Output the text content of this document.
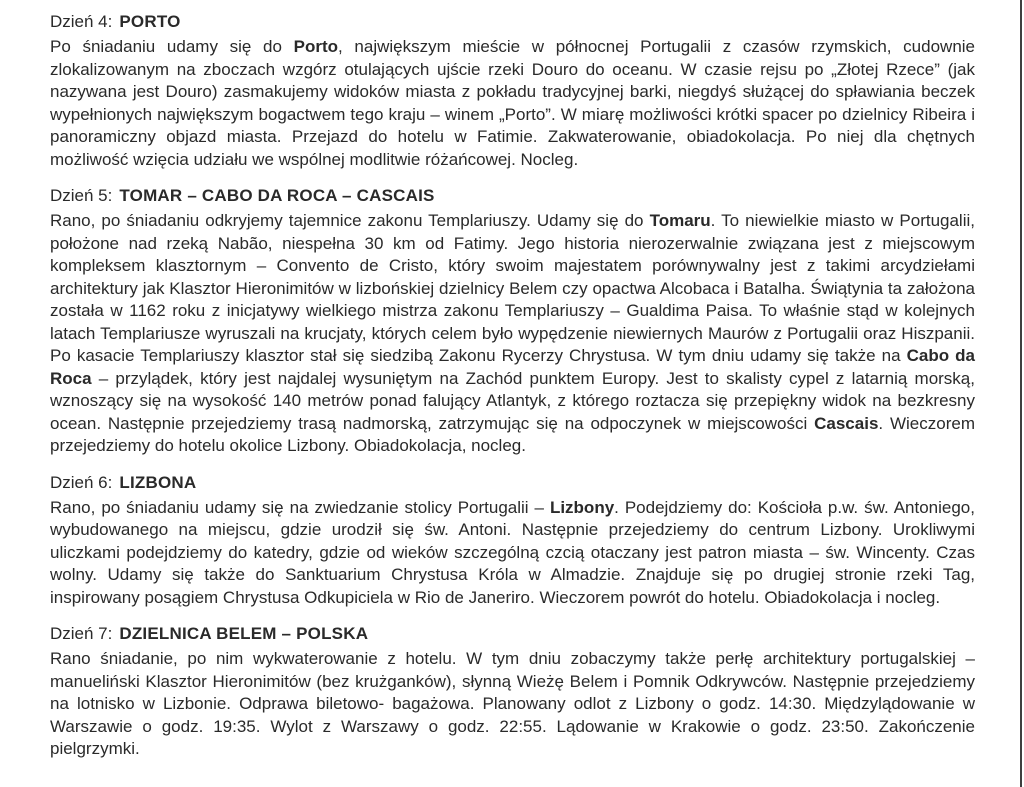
Dzień 4: PORTO

Po śniadaniu udamy się do Porto, największym mieście w północnej Portugalii z czasów rzymskich, cudownie zlokalizowanym na zboczach wzgórz otulających ujście rzeki Douro do oceanu. W czasie rejsu po „Złotej Rzece” (jak nazywana jest Douro) zasmakujemy widoków miasta z pokładu tradycyjnej barki, niegdyś służącej do spławiania beczek wypełnionych największym bogactwem tego kraju – winem „Porto”. W miarę możliwości krótki spacer po dzielnicy Ribeira i panoramiczny objazd miasta. Przejazd do hotelu w Fatimie. Zakwaterowanie, obiadokolacja. Po niej dla chętnych możliwość wzięcia udziału we wspólnej modlitwie różańcowej. Nocleg.

Dzień 5: TOMAR – CABO DA ROCA – CASCAIS

Rano, po śniadaniu odkryjemy tajemnice zakonu Templariuszy. Udamy się do Tomaru. To niewielkie miasto w Portugalii, położone nad rzeką Nabão, niespełna 30 km od Fatimy. Jego historia nierozerwalnie związana jest z miejscowym kompleksem klasztornym – Convento de Cristo, który swoim majestatem porównywalny jest z takimi arcydziełami architektury jak Klasztor Hieronimitów w lizbońskiej dzielnicy Belem czy opactwa Alcobaca i Batalha. Świątynia ta założona została w 1162 roku z inicjatywy wielkiego mistrza zakonu Templariuszy – Gualdima Paisa. To właśnie stąd w kolejnych latach Templariusze wyruszali na krucjaty, których celem było wypędzenie niewiernych Maurów z Portugalii oraz Hiszpanii. Po kasacie Templariuszy klasztor stał się siedzibą Zakonu Rycerzy Chrystusa. W tym dniu udamy się także na Cabo da Roca – przylądek, który jest najdalej wysuniętym na Zachód punktem Europy. Jest to skalisty cypel z latarnią morską, wznoszący się na wysokość 140 metrów ponad falujący Atlantyk, z którego roztacza się przepiękny widok na bezkresny ocean. Następnie przejedziemy trasą nadmorską, zatrzymując się na odpoczynek w miejscowości Cascais. Wieczorem przejedziemy do hotelu okolice Lizbony. Obiadokolacja, nocleg.

Dzień 6: LIZBONA

Rano, po śniadaniu udamy się na zwiedzanie stolicy Portugalii – Lizbony. Podejdziemy do: Kościoła p.w. św. Antoniego, wybudowanego na miejscu, gdzie urodził się św. Antoni. Następnie przejedziemy do centrum Lizbony. Urokliwymi uliczkami podejdziemy do katedry, gdzie od wieków szczególną czcią otaczany jest patron miasta – św. Wincenty. Czas wolny. Udamy się także do Sanktuarium Chrystusa Króla w Almadzie. Znajduje się po drugiej stronie rzeki Tag, inspirowany posągiem Chrystusa Odkupiciela w Rio de Janeriro. Wieczorem powrót do hotelu. Obiadokolacja i nocleg.

Dzień 7: DZIELNICA BELEM – POLSKA

Rano śniadanie, po nim wykwaterowanie z hotelu. W tym dniu zobaczymy także perłę architektury portugalskiej – manueliński Klasztor Hieronimitów (bez krużganków), słynną Wieżę Belem i Pomnik Odkrywców. Następnie przejedziemy na lotnisko w Lizbonie. Odprawa biletowo- bagażowa. Planowany odlot z Lizbony o godz. 14:30. Międzylądowanie w Warszawie o godz. 19:35. Wylot z Warszawy o godz. 22:55. Lądowanie w Krakowie o godz. 23:50. Zakończenie pielgrzymki.
